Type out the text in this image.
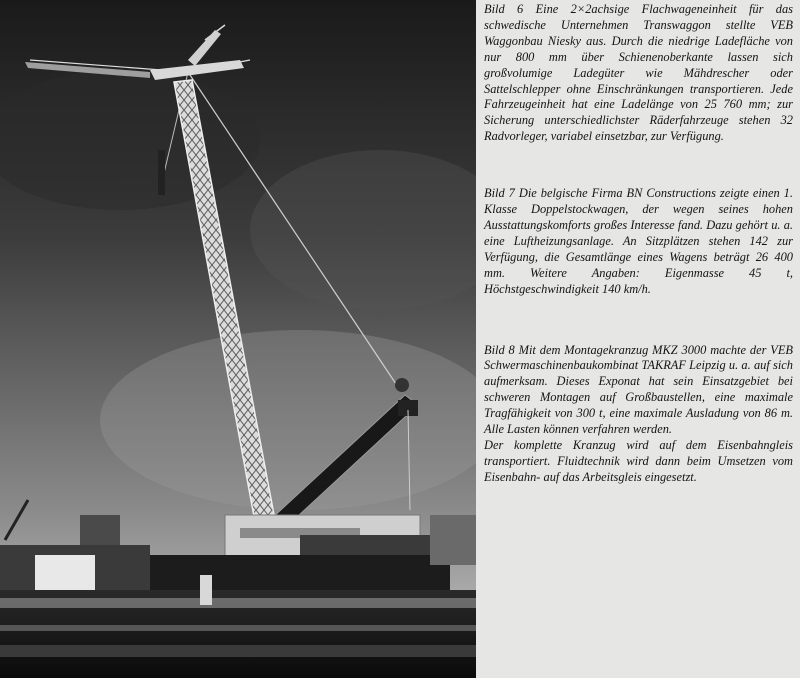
Bild 6 Eine 2×2achsige Flachwageneinheit für das schwedische Unternehmen Transwaggon stellte VEB Waggonbau Niesky aus. Durch die niedrige Ladefläche von nur 800 mm über Schienenoberkante lassen sich großvolumige Ladegüter wie Mähdrescher oder Sattelschlepper ohne Einschränkungen transportieren. Jede Fahrzeugeinheit hat eine Ladelänge von 25 760 mm; zur Sicherung unterschiedlichster Räderfahrzeuge stehen 32 Radvorleger, variabel einsetzbar, zur Verfügung.

Bild 7 Die belgische Firma BN Constructions zeigte einen 1. Klasse Doppelstockwagen, der wegen seines hohen Ausstattungskomforts großes Interesse fand. Dazu gehört u. a. eine Luftheizungsanlage. An Sitzplätzen stehen 142 zur Verfügung, die Gesamtlänge eines Wagens beträgt 26 400 mm. Weitere Angaben: Eigenmasse 45 t, Höchstgeschwindigkeit 140 km/h.

Bild 8 Mit dem Montagekranzug MKZ 3000 machte der VEB Schwermaschinenbaukombinat TAKRAF Leipzig u. a. auf sich aufmerksam. Dieses Exponat hat sein Einsatzgebiet bei schweren Montagen auf Großbaustellen, eine maximale Tragfähigkeit von 300 t, eine maximale Ausladung von 86 m. Alle Lasten können verfahren werden.

Der komplette Kranzug wird auf dem Eisenbahngleis transportiert. Fluidtechnik wird dann beim Umsetzen vom Eisenbahn- auf das Arbeitsgleis eingesetzt.
